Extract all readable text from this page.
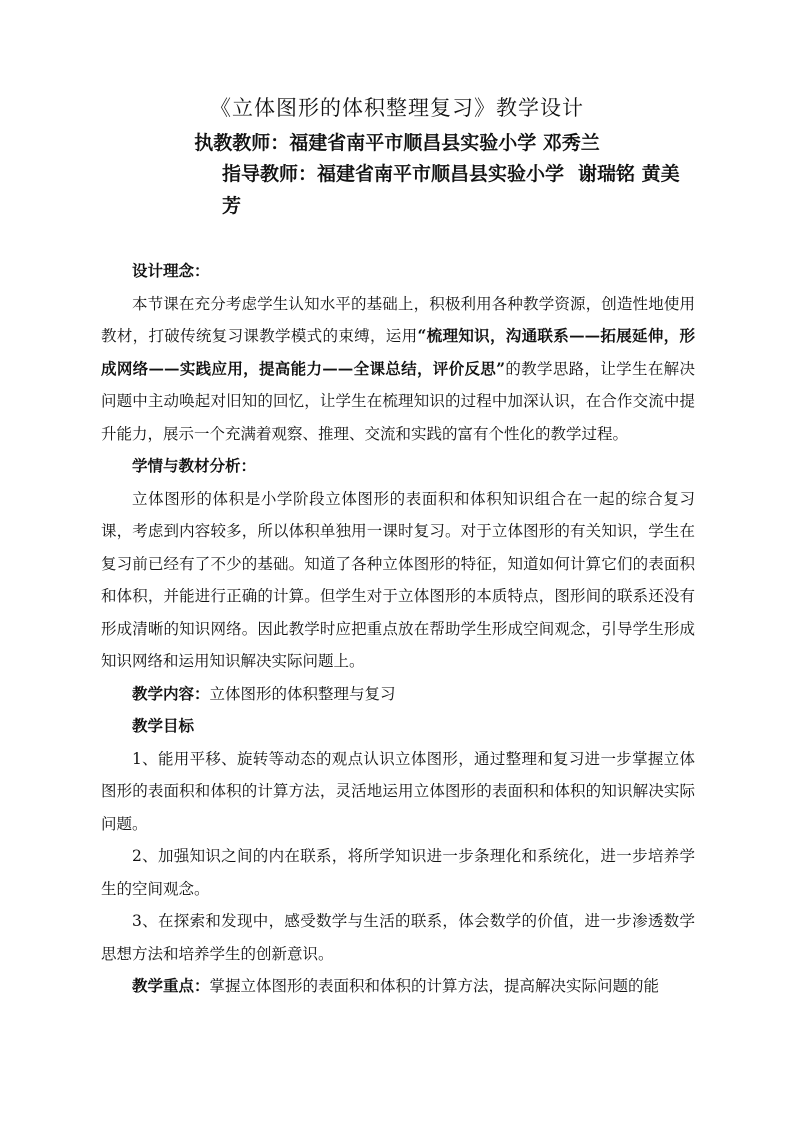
《立体图形的体积整理复习》教学设计
执教教师：福建省南平市顺昌县实验小学 邓秀兰
指导教师：福建省南平市顺昌县实验小学 谢瑞铭 黄美芳

设计理念：

本节课在充分考虑学生认知水平的基础上，积极利用各种教学资源，创造性地使用教材，打破传统复习课教学模式的束缚，运用“梳理知识，沟通联系——拓展延伸，形成网络——实践应用，提高能力——全课总结，评价反思”的教学思路，让学生在解决问题中主动唤起对旧知的回忆，让学生在梳理知识的过程中加深认识，在合作交流中提升能力，展示一个充满着观察、推理、交流和实践的富有个性化的教学过程。

学情与教材分析：

立体图形的体积是小学阶段立体图形的表面积和体积知识组合在一起的综合复习课，考虑到内容较多，所以体积单独用一课时复习。对于立体图形的有关知识，学生在复习前已经有了不少的基础。知道了各种立体图形的特征，知道如何计算它们的表面积和体积，并能进行正确的计算。但学生对于立体图形的本质特点，图形间的联系还没有形成清晰的知识网络。因此教学时应把重点放在帮助学生形成空间观念，引导学生形成知识网络和运用知识解决实际问题上。

教学内容：立体图形的体积整理与复习

教学目标

1、能用平移、旋转等动态的观点认识立体图形，通过整理和复习进一步掌握立体图形的表面积和体积的计算方法，灵活地运用立体图形的表面积和体积的知识解决实际问题。

2、加强知识之间的内在联系，将所学知识进一步条理化和系统化，进一步培养学生的空间观念。

3、在探索和发现中，感受数学与生活的联系，体会数学的价值，进一步渗透数学思想方法和培养学生的创新意识。

教学重点：掌握立体图形的表面积和体积的计算方法，提高解决实际问题的能
